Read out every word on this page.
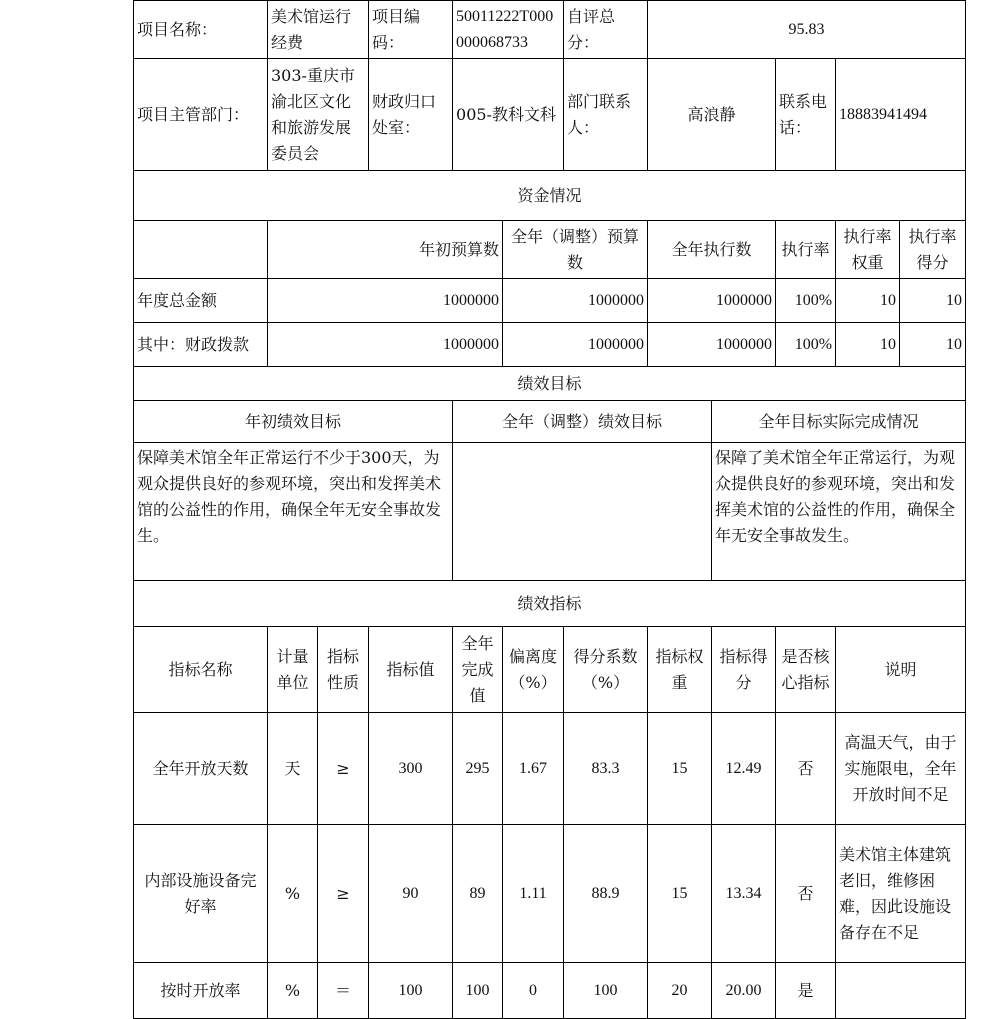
项目名称：	美术馆运行经费		项目编码：	50011222T000000068733		自评总分：	95.83				
项目主管部门：	303-重庆市渝北区文化和旅游发展委员会		财政归口处室：	005-教科文科		部门联系人：	高浪静		联系电话：	18883941494	
资金情况											
	年初预算数				全年（调整）预算数		全年执行数		执行率	执行率权重	执行率得分
年度总金额	1000000				1000000		1000000		100%	10	10
其中：财政拨款	1000000				1000000		1000000		100%	10	10
绩效目标											
年初绩效目标				全年（调整）绩效目标				全年目标实际完成情况			
保障美术馆全年正常运行不少于300天，为观众提供良好的参观环境，突出和发挥美术馆的公益性的作用，确保全年无安全事故发生。								保障了美术馆全年正常运行，为观众提供良好的参观环境，突出和发挥美术馆的公益性的作用，确保全年无安全事故发生。			
绩效指标											
指标名称	计量单位	指标性质	指标值	全年完成值	偏离度（%）	得分系数（%）	指标权重	指标得分	是否核心指标	说明	
全年开放天数	天	≥	300	295	1.67	83.3	15	12.49	否	高温天气，由于实施限电，全年开放时间不足	
内部设施设备完好率	%	≥	90	89	1.11	88.9	15	13.34	否	美术馆主体建筑老旧，维修困难，因此设施设备存在不足	
按时开放率	%	＝	100	100	0	100	20	20.00	是		
